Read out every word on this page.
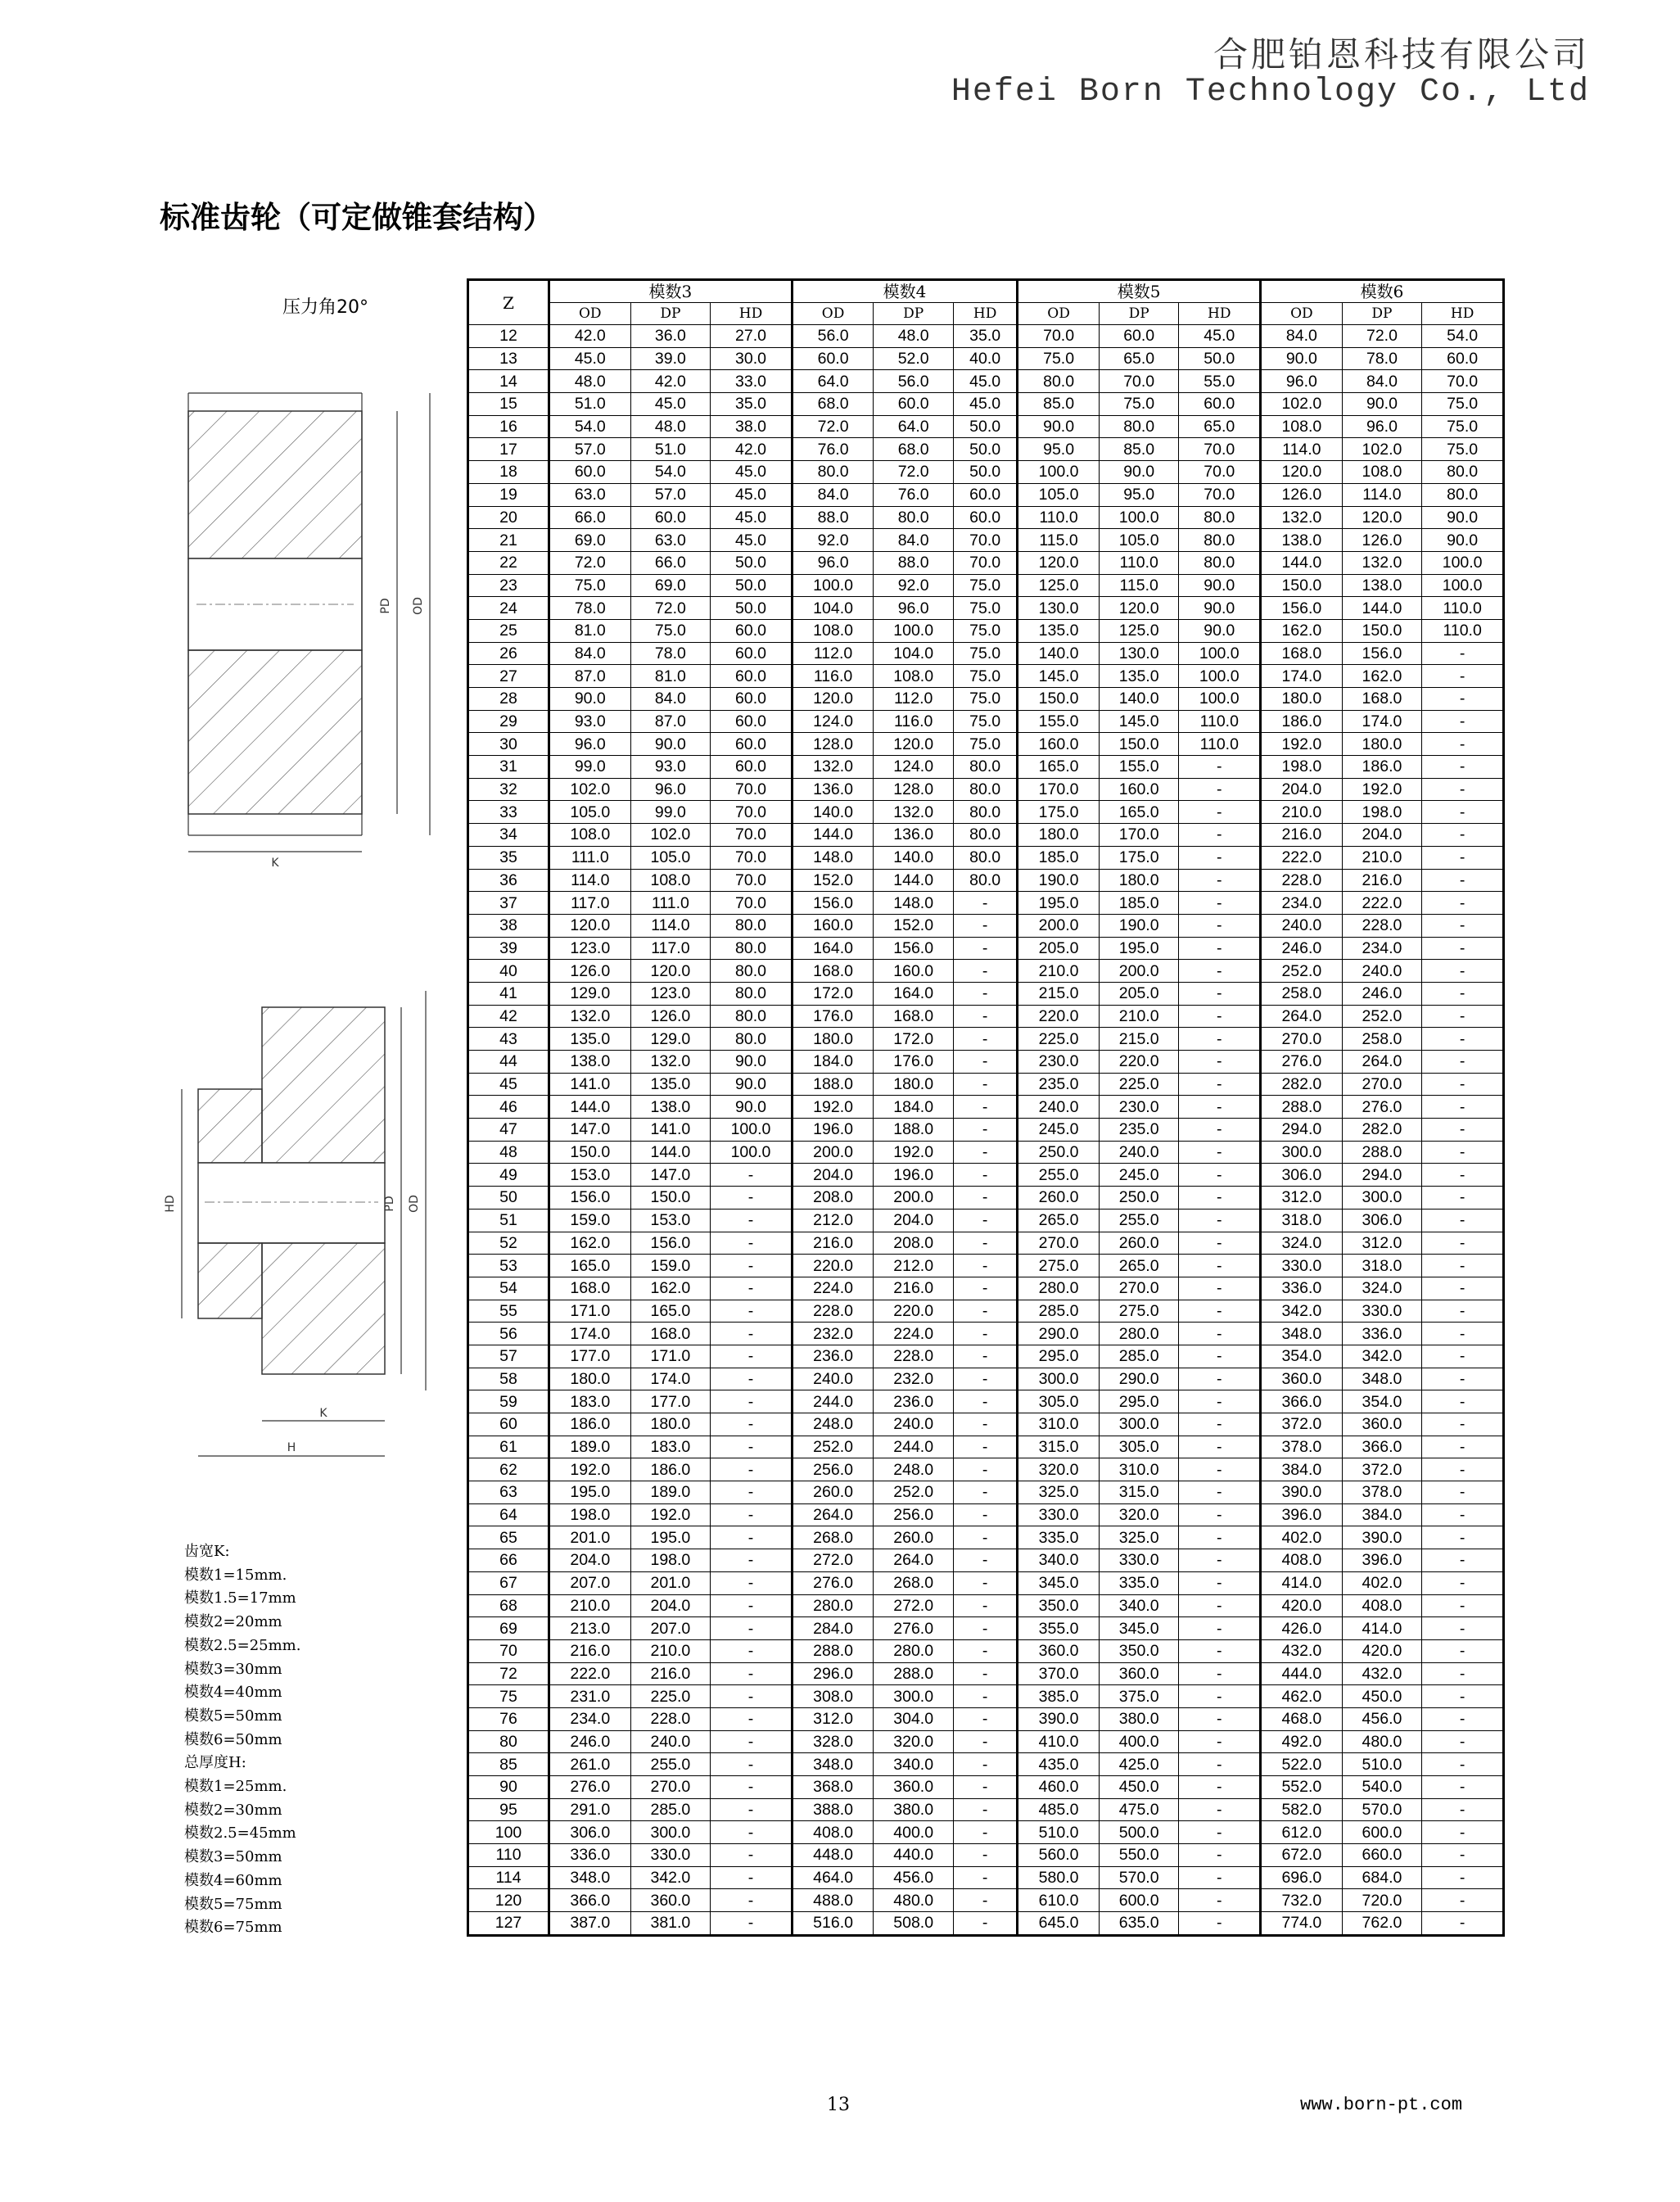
合肥铂恩科技有限公司
Hefei Born Technology Co., Ltd
标准齿轮（可定做锥套结构）
压力角20°
PD OD
K
HD	PD OD
K
H
齿宽K:
模数1=15mm.
模数1.5=17mm
模数2=20mm
模数2.5=25mm.
模数3=30mm
模数4=40mm
模数5=50mm
模数6=50mm
总厚度H:
模数1=25mm.
模数2=30mm
模数2.5=45mm
模数3=50mm
模数4=60mm
模数5=75mm
模数6=75mm
Z	模数3			模数4			模数5			模数6		
	OD	DP	HD	OD	DP	HD	OD	DP	HD	OD	DP	HD
12	42.0	36.0	27.0	56.0	48.0	35.0	70.0	60.0	45.0	84.0	72.0	54.0
13	45.0	39.0	30.0	60.0	52.0	40.0	75.0	65.0	50.0	90.0	78.0	60.0
14	48.0	42.0	33.0	64.0	56.0	45.0	80.0	70.0	55.0	96.0	84.0	70.0
15	51.0	45.0	35.0	68.0	60.0	45.0	85.0	75.0	60.0	102.0	90.0	75.0
16	54.0	48.0	38.0	72.0	64.0	50.0	90.0	80.0	65.0	108.0	96.0	75.0
17	57.0	51.0	42.0	76.0	68.0	50.0	95.0	85.0	70.0	114.0	102.0	75.0
18	60.0	54.0	45.0	80.0	72.0	50.0	100.0	90.0	70.0	120.0	108.0	80.0
19	63.0	57.0	45.0	84.0	76.0	60.0	105.0	95.0	70.0	126.0	114.0	80.0
20	66.0	60.0	45.0	88.0	80.0	60.0	110.0	100.0	80.0	132.0	120.0	90.0
21	69.0	63.0	45.0	92.0	84.0	70.0	115.0	105.0	80.0	138.0	126.0	90.0
22	72.0	66.0	50.0	96.0	88.0	70.0	120.0	110.0	80.0	144.0	132.0	100.0
23	75.0	69.0	50.0	100.0	92.0	75.0	125.0	115.0	90.0	150.0	138.0	100.0
24	78.0	72.0	50.0	104.0	96.0	75.0	130.0	120.0	90.0	156.0	144.0	110.0
25	81.0	75.0	60.0	108.0	100.0	75.0	135.0	125.0	90.0	162.0	150.0	110.0
26	84.0	78.0	60.0	112.0	104.0	75.0	140.0	130.0	100.0	168.0	156.0	-
27	87.0	81.0	60.0	116.0	108.0	75.0	145.0	135.0	100.0	174.0	162.0	-
28	90.0	84.0	60.0	120.0	112.0	75.0	150.0	140.0	100.0	180.0	168.0	-
29	93.0	87.0	60.0	124.0	116.0	75.0	155.0	145.0	110.0	186.0	174.0	-
30	96.0	90.0	60.0	128.0	120.0	75.0	160.0	150.0	110.0	192.0	180.0	-
31	99.0	93.0	60.0	132.0	124.0	80.0	165.0	155.0	-	198.0	186.0	-
32	102.0	96.0	70.0	136.0	128.0	80.0	170.0	160.0	-	204.0	192.0	-
33	105.0	99.0	70.0	140.0	132.0	80.0	175.0	165.0	-	210.0	198.0	-
34	108.0	102.0	70.0	144.0	136.0	80.0	180.0	170.0	-	216.0	204.0	-
35	111.0	105.0	70.0	148.0	140.0	80.0	185.0	175.0	-	222.0	210.0	-
36	114.0	108.0	70.0	152.0	144.0	80.0	190.0	180.0	-	228.0	216.0	-
37	117.0	111.0	70.0	156.0	148.0	-	195.0	185.0	-	234.0	222.0	-
38	120.0	114.0	80.0	160.0	152.0	-	200.0	190.0	-	240.0	228.0	-
39	123.0	117.0	80.0	164.0	156.0	-	205.0	195.0	-	246.0	234.0	-
40	126.0	120.0	80.0	168.0	160.0	-	210.0	200.0	-	252.0	240.0	-
41	129.0	123.0	80.0	172.0	164.0	-	215.0	205.0	-	258.0	246.0	-
42	132.0	126.0	80.0	176.0	168.0	-	220.0	210.0	-	264.0	252.0	-
43	135.0	129.0	80.0	180.0	172.0	-	225.0	215.0	-	270.0	258.0	-
44	138.0	132.0	90.0	184.0	176.0	-	230.0	220.0	-	276.0	264.0	-
45	141.0	135.0	90.0	188.0	180.0	-	235.0	225.0	-	282.0	270.0	-
46	144.0	138.0	90.0	192.0	184.0	-	240.0	230.0	-	288.0	276.0	-
47	147.0	141.0	100.0	196.0	188.0	-	245.0	235.0	-	294.0	282.0	-
48	150.0	144.0	100.0	200.0	192.0	-	250.0	240.0	-	300.0	288.0	-
49	153.0	147.0	-	204.0	196.0	-	255.0	245.0	-	306.0	294.0	-
50	156.0	150.0	-	208.0	200.0	-	260.0	250.0	-	312.0	300.0	-
51	159.0	153.0	-	212.0	204.0	-	265.0	255.0	-	318.0	306.0	-
52	162.0	156.0	-	216.0	208.0	-	270.0	260.0	-	324.0	312.0	-
53	165.0	159.0	-	220.0	212.0	-	275.0	265.0	-	330.0	318.0	-
54	168.0	162.0	-	224.0	216.0	-	280.0	270.0	-	336.0	324.0	-
55	171.0	165.0	-	228.0	220.0	-	285.0	275.0	-	342.0	330.0	-
56	174.0	168.0	-	232.0	224.0	-	290.0	280.0	-	348.0	336.0	-
57	177.0	171.0	-	236.0	228.0	-	295.0	285.0	-	354.0	342.0	-
58	180.0	174.0	-	240.0	232.0	-	300.0	290.0	-	360.0	348.0	-
59	183.0	177.0	-	244.0	236.0	-	305.0	295.0	-	366.0	354.0	-
60	186.0	180.0	-	248.0	240.0	-	310.0	300.0	-	372.0	360.0	-
61	189.0	183.0	-	252.0	244.0	-	315.0	305.0	-	378.0	366.0	-
62	192.0	186.0	-	256.0	248.0	-	320.0	310.0	-	384.0	372.0	-
63	195.0	189.0	-	260.0	252.0	-	325.0	315.0	-	390.0	378.0	-
64	198.0	192.0	-	264.0	256.0	-	330.0	320.0	-	396.0	384.0	-
65	201.0	195.0	-	268.0	260.0	-	335.0	325.0	-	402.0	390.0	-
66	204.0	198.0	-	272.0	264.0	-	340.0	330.0	-	408.0	396.0	-
67	207.0	201.0	-	276.0	268.0	-	345.0	335.0	-	414.0	402.0	-
68	210.0	204.0	-	280.0	272.0	-	350.0	340.0	-	420.0	408.0	-
69	213.0	207.0	-	284.0	276.0	-	355.0	345.0	-	426.0	414.0	-
70	216.0	210.0	-	288.0	280.0	-	360.0	350.0	-	432.0	420.0	-
72	222.0	216.0	-	296.0	288.0	-	370.0	360.0	-	444.0	432.0	-
75	231.0	225.0	-	308.0	300.0	-	385.0	375.0	-	462.0	450.0	-
76	234.0	228.0	-	312.0	304.0	-	390.0	380.0	-	468.0	456.0	-
80	246.0	240.0	-	328.0	320.0	-	410.0	400.0	-	492.0	480.0	-
85	261.0	255.0	-	348.0	340.0	-	435.0	425.0	-	522.0	510.0	-
90	276.0	270.0	-	368.0	360.0	-	460.0	450.0	-	552.0	540.0	-
95	291.0	285.0	-	388.0	380.0	-	485.0	475.0	-	582.0	570.0	-
100	306.0	300.0	-	408.0	400.0	-	510.0	500.0	-	612.0	600.0	-
110	336.0	330.0	-	448.0	440.0	-	560.0	550.0	-	672.0	660.0	-
114	348.0	342.0	-	464.0	456.0	-	580.0	570.0	-	696.0	684.0	-
120	366.0	360.0	-	488.0	480.0	-	610.0	600.0	-	732.0	720.0	-
127	387.0	381.0	-	516.0	508.0	-	645.0	635.0	-	774.0	762.0	-
13	www.born-pt.com
